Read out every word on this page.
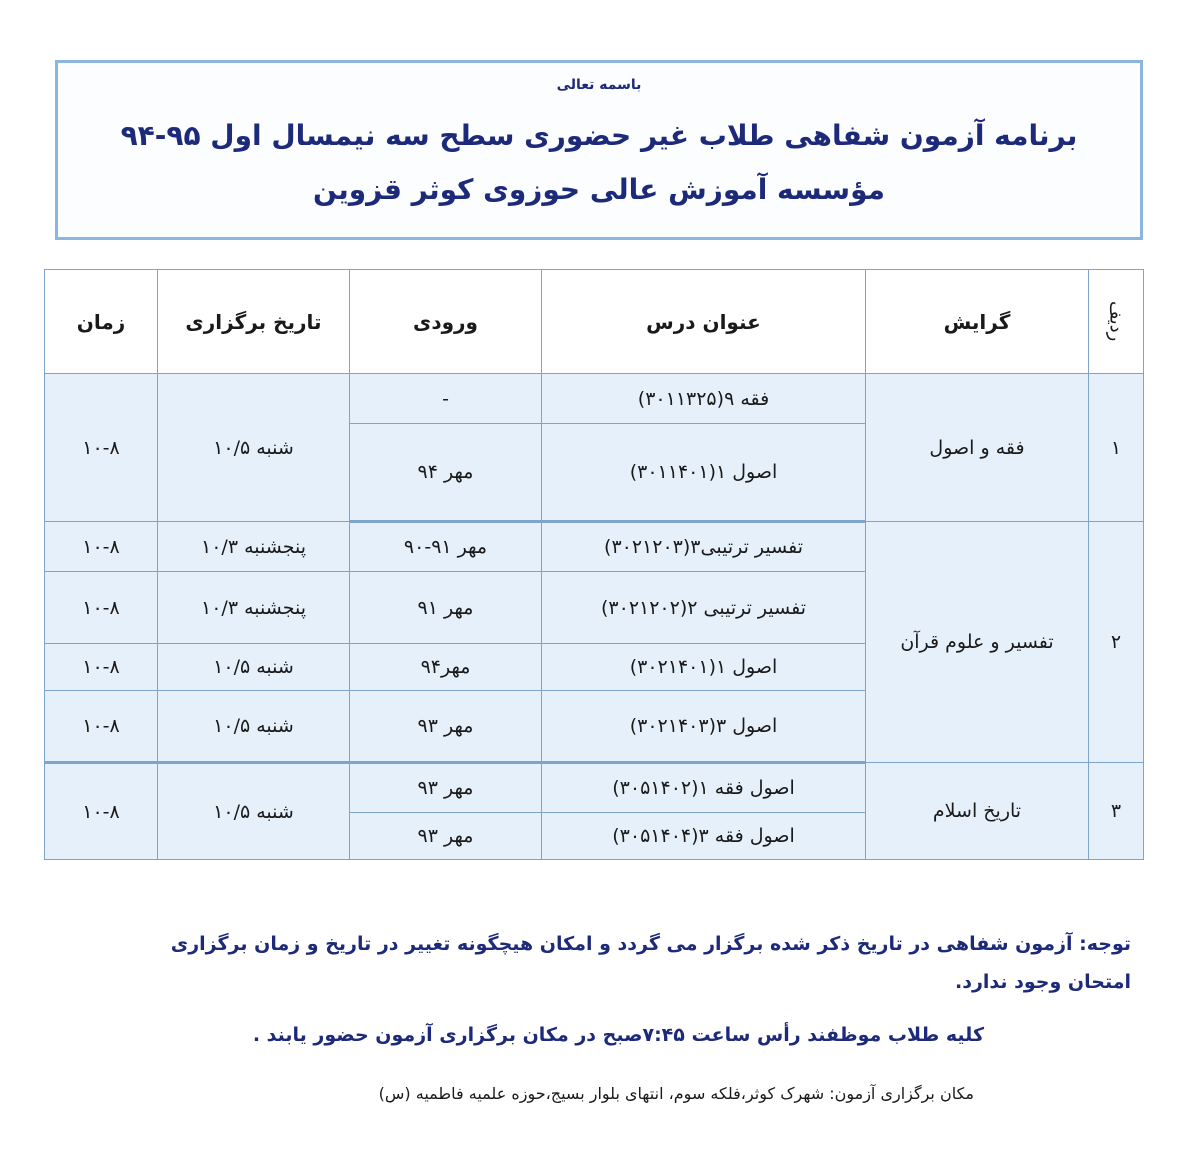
باسمه تعالی
برنامه آزمون شفاهی طلاب غیر حضوری سطح سه نیمسال اول ۹۵-۹۴
مؤسسه آموزش عالی حوزوی کوثر قزوین
ردیف	گرایش	عنوان درس	ورودی	تاریخ برگزاری	زمان
۱	فقه و اصول	فقه ۹(۳۰۱۱۳۲۵)	-	شنبه ۱۰/۵	۱۰-۸
		اصول ۱(۳۰۱۱۴۰۱)	مهر ۹۴		
۲	تفسیر و علوم قرآن	تفسیر ترتیبی۳(۳۰۲۱۲۰۳)	مهر ۹۱-۹۰	پنجشنبه ۱۰/۳	۱۰-۸
		تفسیر ترتیبی ۲(۳۰۲۱۲۰۲)	مهر ۹۱	پنجشنبه ۱۰/۳	۱۰-۸
		اصول ۱(۳۰۲۱۴۰۱)	مهر۹۴	شنبه ۱۰/۵	۱۰-۸
		اصول ۳(۳۰۲۱۴۰۳)	مهر ۹۳	شنبه ۱۰/۵	۱۰-۸
۳	تاریخ اسلام	اصول فقه ۱(۳۰۵۱۴۰۲)	مهر ۹۳	شنبه ۱۰/۵	۱۰-۸
		اصول فقه ۳(۳۰۵۱۴۰۴)	مهر ۹۳		
توجه: آزمون شفاهی در تاریخ ذکر شده برگزار می گردد و امکان هیچگونه تغییر در تاریخ و زمان برگزاری امتحان وجود ندارد.
کلیه طلاب موظفند رأس ساعت ۷:۴۵صبح در مکان برگزاری آزمون حضور یابند .
مکان برگزاری آزمون: شهرک کوثر،فلکه سوم، انتهای بلوار بسیج،حوزه علمیه فاطمیه (س)
